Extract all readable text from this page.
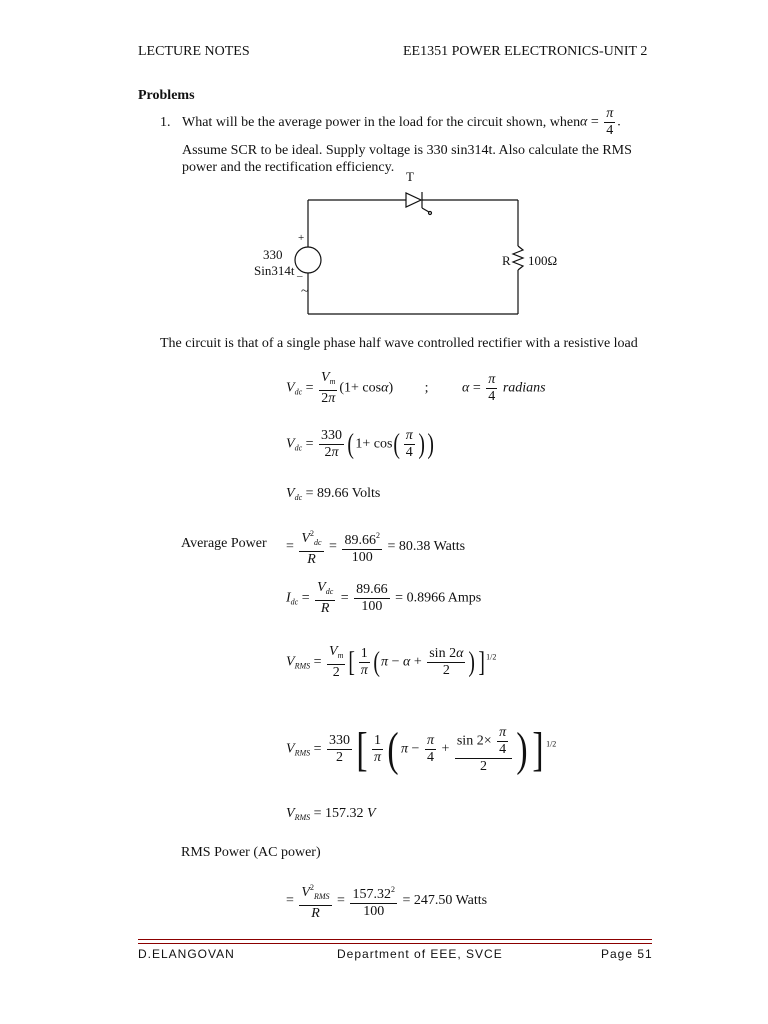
LECTURE NOTES	EE1351 POWER ELECTRONICS-UNIT 2
Problems
1. What will be the average power in the load for the circuit shown, when $\alpha = \frac{\pi}{4}$ .
Assume SCR to be ideal. Supply voltage is 330 sin314t. Also calculate the RMS
power and the rectification efficiency.
T
~
+
–
330
Sin314t
R 100Ω
The circuit is that of a single phase half wave controlled rectifier with a resistive load
$V_{dc} = \frac{V_m}{2\pi} (1+ \cos\alpha)$ ; $\alpha = \frac{\pi}{4}$ radians
$V_{dc} = \frac{330}{2\pi} (1+ \cos( \frac{\pi}{4}$ ))
$V_{dc} = 89.66$ Volts
Average Power = $\frac{V^2_{dc}}{R} = \frac{89.66^2}{100} = 80.38$ Watts
$I_{dc} = \frac{V_{dc}}{R} = \frac{89.66}{100} = 0.8966$ Amps
$V_{RMS} = \frac{V_m}{2}$ [ $\frac{1}{\pi} (\pi - \alpha + \frac{\sin 2\alpha}{2} )]^{1/2}$
$V_{RMS} = \frac{330}{2}$ [ $\frac{1}{\pi}$ ( $\pi - \frac{\pi}{4} + \frac{\sin 2\times \frac{\pi}{4}}{2}$ )] $^{1/2}$
$V_{RMS} = 157.32$ V
RMS Power (AC power)
= $\frac{V^2_{RMS}}{R} = \frac{157.32^2}{100} = 247.50$ Watts
D.ELANGOVAN	Department of EEE, SVCE	Page 51
